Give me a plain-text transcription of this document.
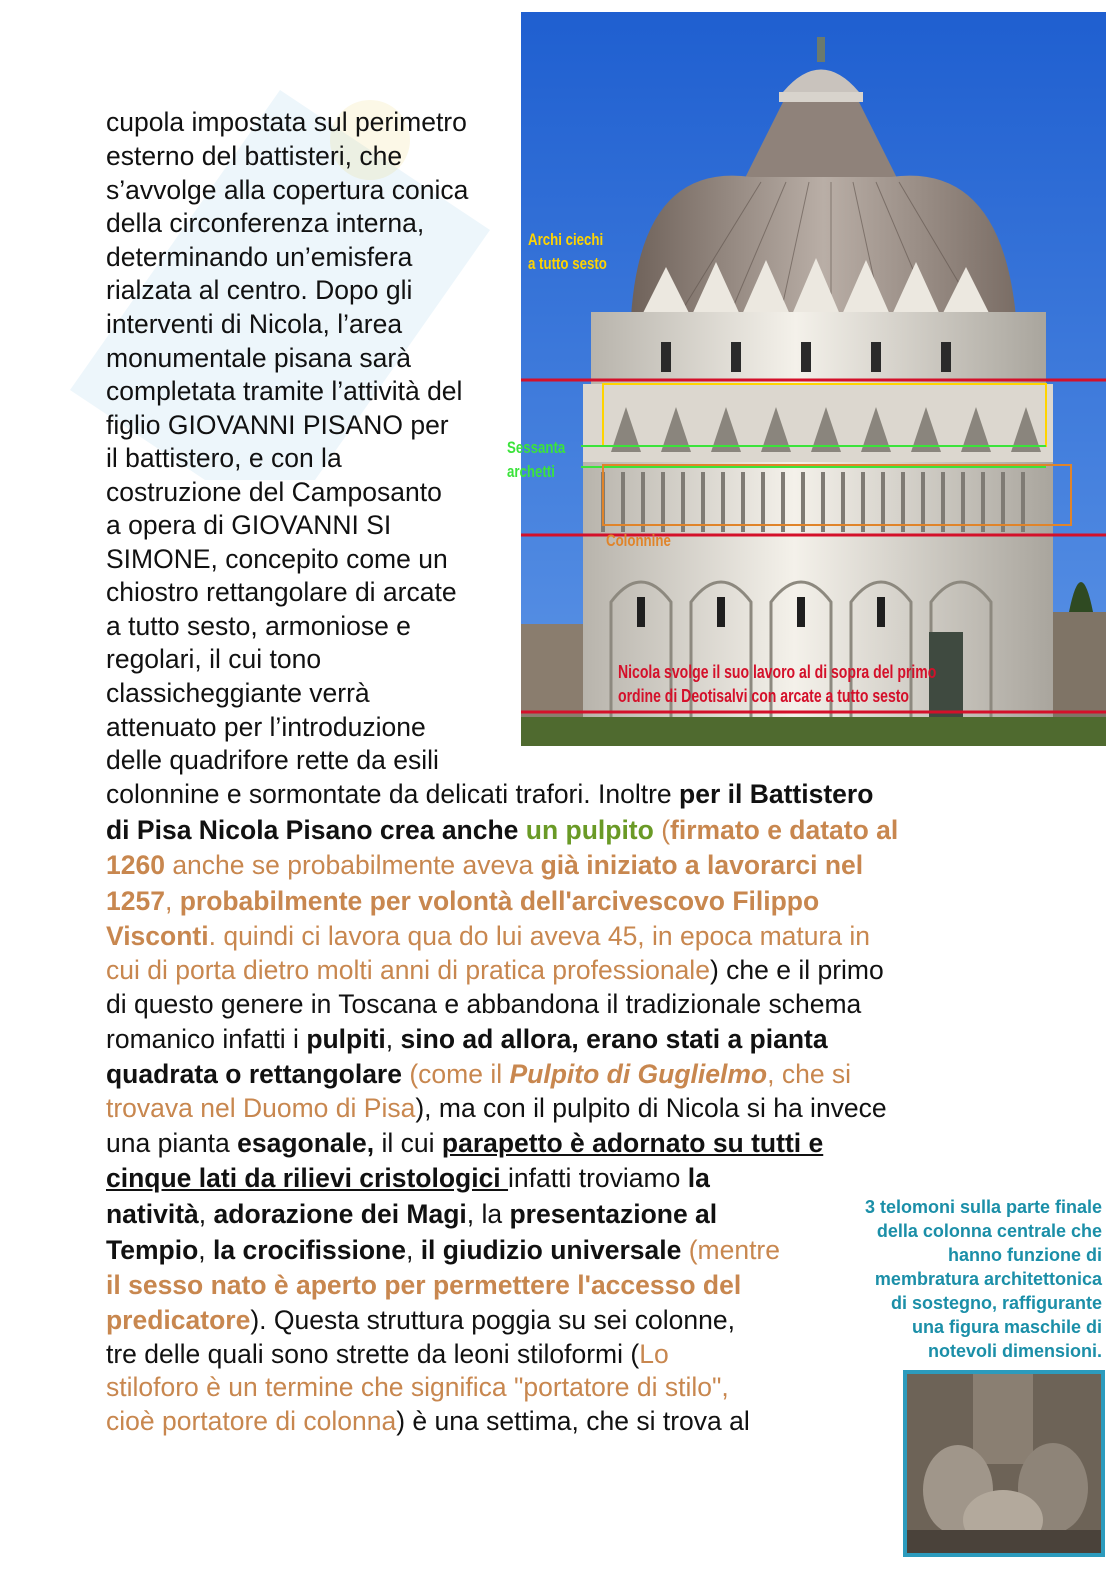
cupola impostata sul perimetro
esterno del battisteri, che
s’avvolge alla copertura conica
della circonferenza interna,
determinando un’emisfera
rialzata al centro. Dopo gli
interventi di Nicola, l’area
monumentale pisana sarà
completata tramite l’attività del
figlio GIOVANNI PISANO per
il battistero, e con la
costruzione del Camposanto
a opera di GIOVANNI SI
SIMONE, concepito come un
chiostro rettangolare di arcate
a tutto sesto, armoniose e
regolari, il cui tono
classicheggiante verrà
attenuato per l’introduzione
delle quadrifore rette da esili
colonnine e sormontate da delicati trafori. Inoltre per il Battistero
di Pisa Nicola Pisano crea anche un pulpito (firmato e datato al
1260 anche se probabilmente aveva già iniziato a lavorarci nel
1257, probabilmente per volontà dell'arcivescovo Filippo
Visconti. quindi ci lavora qua do lui aveva 45, in epoca matura in
cui di porta dietro molti anni di pratica professionale) che e il primo
di questo genere in Toscana e abbandona il tradizionale schema
romanico infatti i pulpiti, sino ad allora, erano stati a pianta
quadrata o rettangolare (come il Pulpito di Guglielmo, che si
trovava nel Duomo di Pisa), ma con il pulpito di Nicola si ha invece
una pianta esagonale, il cui parapetto è adornato su tutti e
cinque lati da rilievi cristologici infatti troviamo la
natività, adorazione dei Magi, la presentazione al
Tempio, la crocifissione, il giudizio universale (mentre
il sesso nato è aperto per permettere l'accesso del
predicatore). Questa struttura poggia su sei colonne,
tre delle quali sono strette da leoni stiloformi (Lo
stiloforo è un termine che significa "portatore di stilo",
cioè portatore di colonna) è una settima, che si trova al
Archi ciechi
a tutto sesto
Sessanta
archetti
Colonnine
Nicola svolge il suo lavoro al di sopra del primo
ordine di Deotisalvi con arcate a tutto sesto
3 telomoni sulla parte finale
della colonna centrale che
hanno funzione di
membratura architettonica
di sostegno, raffigurante
una figura maschile di
notevoli dimensioni.
